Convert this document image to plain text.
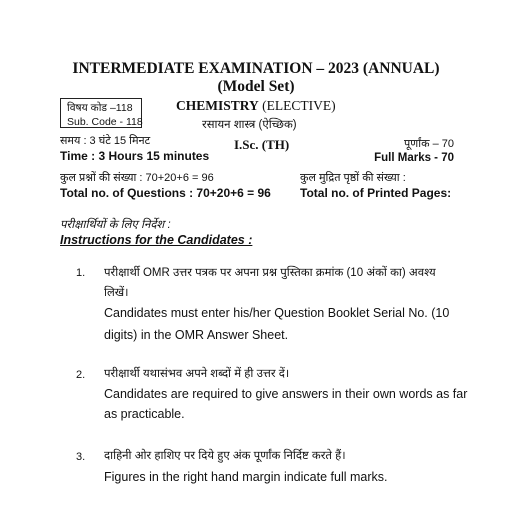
INTERMEDIATE EXAMINATION – 2023 (ANNUAL)
(Model Set)
विषय कोड –118
Sub. Code - 118
CHEMISTRY (ELECTIVE)
रसायन शास्त्र (ऐच्छिक)
समय : 3 घंटे 15 मिनट
Time : 3 Hours 15 minutes
I.Sc. (TH)	पूर्णांक – 70
Full Marks - 70
कुल प्रश्नों की संख्या : 70+20+6 = 96
Total no. of Questions : 70+20+6 = 96
कुल मुद्रित पृष्ठों की संख्या :
Total no. of Printed Pages:
परीक्षार्थियों के लिए निर्देश :
Instructions for the Candidates :
1. परीक्षार्थी OMR उत्तर पत्रक पर अपना प्रश्न पुस्तिका क्रमांक (10 अंकों का) अवश्य
लिखें।
Candidates must enter his/her Question Booklet Serial No. (10
digits) in the OMR Answer Sheet.
2. परीक्षार्थी यथासंभव अपने शब्दों में ही उत्तर दें।
Candidates are required to give answers in their own words as far
as practicable.
3. दाहिनी ओर हाशिए पर दिये हुए अंक पूर्णांक निर्दिष्ट करते हैं।
Figures in the right hand margin indicate full marks.
